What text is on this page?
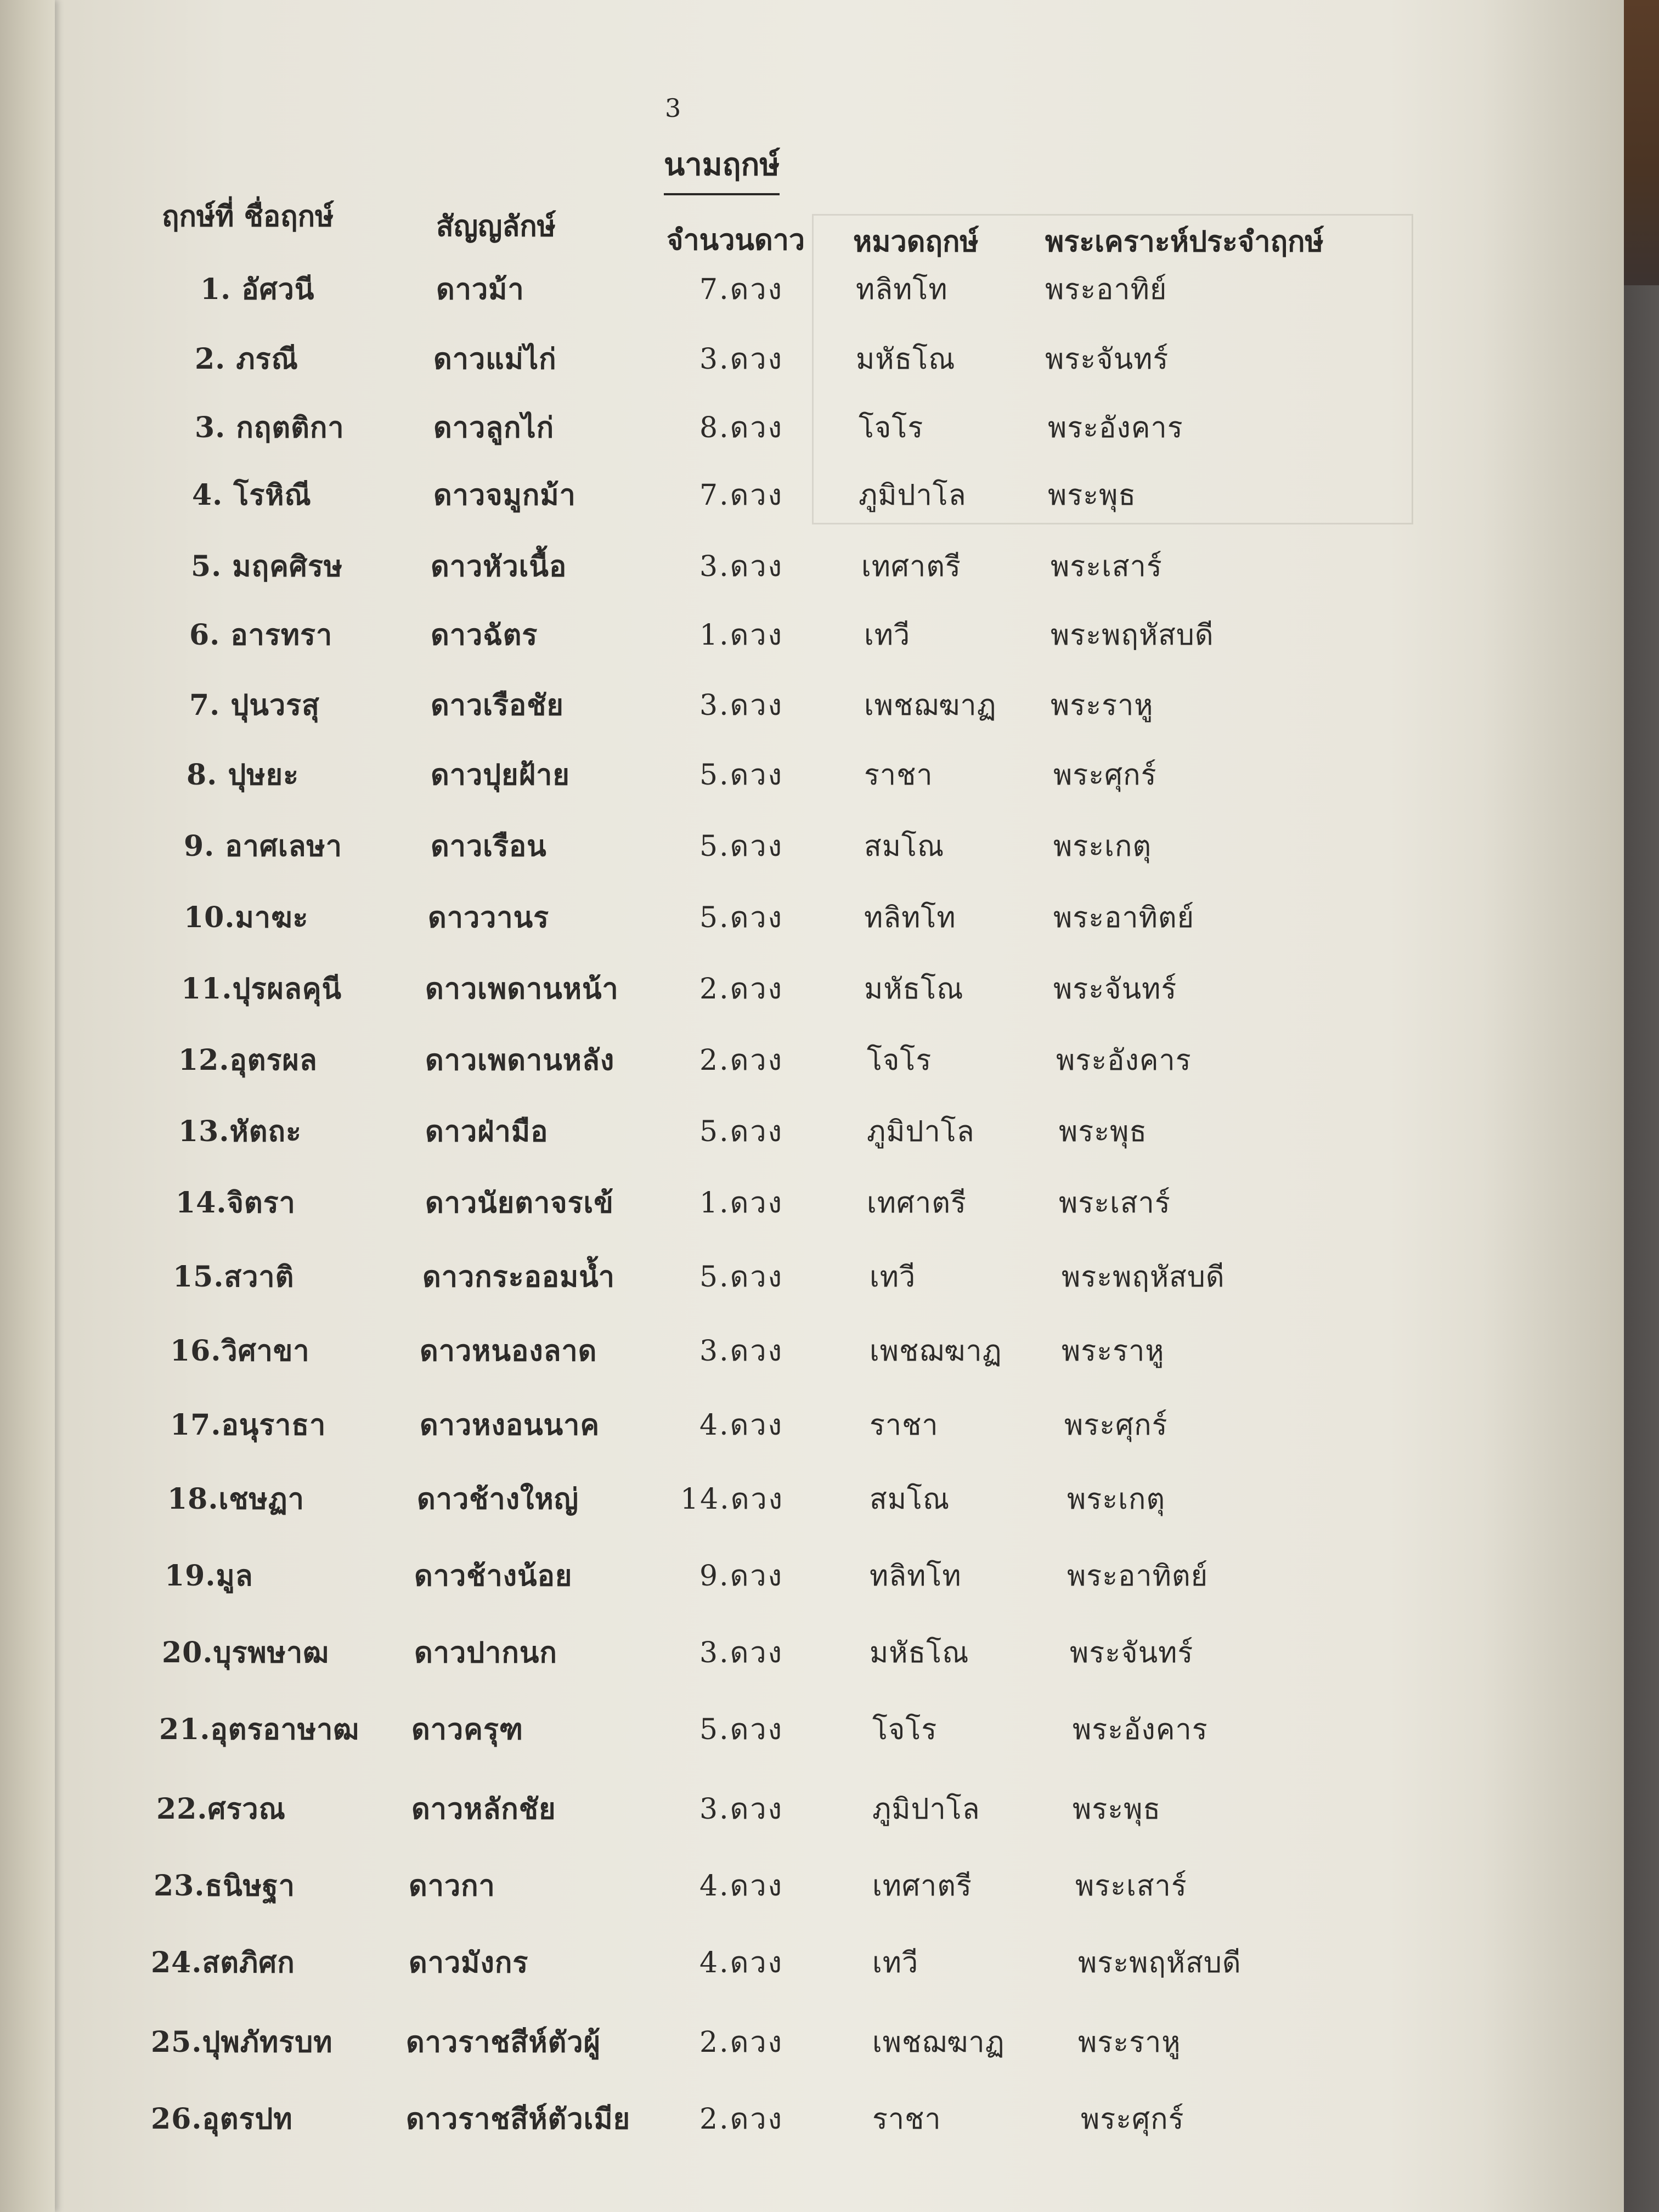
3
นามฤกษ์
ฤกษ์ที่ ชื่อฤกษ์	สัญญลักษ์	จำนวนดาว หมวดฤกษ์ พระเคราะห์ประจำฤกษ์
1. อัศวนี	ดาวม้า	7.ดวง	ทลิทโท	พระอาทิย์
2. ภรณี	ดาวแม่ไก่	3.ดวง	มหัธโณ	พระจันทร์
3. กฤตติกา	ดาวลูกไก่	8.ดวง	โจโร	พระอังคาร
4. โรหิณี	ดาวจมูกม้า	7.ดวง	ภูมิปาโล	พระพุธ
5. มฤคศิรษ	ดาวหัวเนื้อ	3.ดวง	เทศาตรี	พระเสาร์
6. อารทรา	ดาวฉัตร	1.ดวง	เทวี	พระพฤหัสบดี
7. ปุนวรสุ	ดาวเรือชัย	3.ดวง	เพชฌฆาฏ พระราหู
8. ปุษยะ	ดาวปุยฝ้าย	5.ดวง	ราชา	พระศุกร์
9. อาศเลษา	ดาวเรือน	5.ดวง	สมโณ	พระเกตุ
10.มาฆะ	ดาววานร	5.ดวง	ทลิทโท	พระอาทิตย์
11.ปุรผลคุนี	ดาวเพดานหน้า	2.ดวง	มหัธโณ	พระจันทร์
12.อุตรผล	ดาวเพดานหลัง	2.ดวง	โจโร	พระอังคาร
13.หัตถะ	ดาวฝ่ามือ	5.ดวง	ภูมิปาโล	พระพุธ
14.จิตรา	ดาวนัยตาจรเข้	1.ดวง	เทศาตรี	พระเสาร์
15.สวาติ	ดาวกระออมน้ำ	5.ดวง	เทวี	พระพฤหัสบดี
16.วิศาขา	ดาวหนองลาด	3.ดวง	เพชฌฆาฏ พระราหู
17.อนุราธา	ดาวหงอนนาค	4.ดวง	ราชา	พระศุกร์
18.เชษฏา	ดาวช้างใหญ่	14.ดวง	สมโณ	พระเกตุ
19.มูล	ดาวช้างน้อย	9.ดวง	ทลิทโท	พระอาทิตย์
20.บุรพษาฒ	ดาวปากนก	3.ดวง	มหัธโณ	พระจันทร์
21.อุตรอาษาฒ ดาวครุฑ	5.ดวง	โจโร	พระอังคาร
22.ศรวณ	ดาวหลักชัย	3.ดวง	ภูมิปาโล	พระพุธ
23.ธนิษฐา	ดาวกา	4.ดวง	เทศาตรี	พระเสาร์
24.สตภิศก	ดาวมังกร	4.ดวง	เทวี	พระพฤหัสบดี
25.ปุพภัทรบท	ดาวราชสีห์ตัวผู้	2.ดวง	เพชฌฆาฏ	พระราหู
26.อุตรปท	ดาวราชสีห์ตัวเมีย 2.ดวง	ราชา	พระศุกร์
